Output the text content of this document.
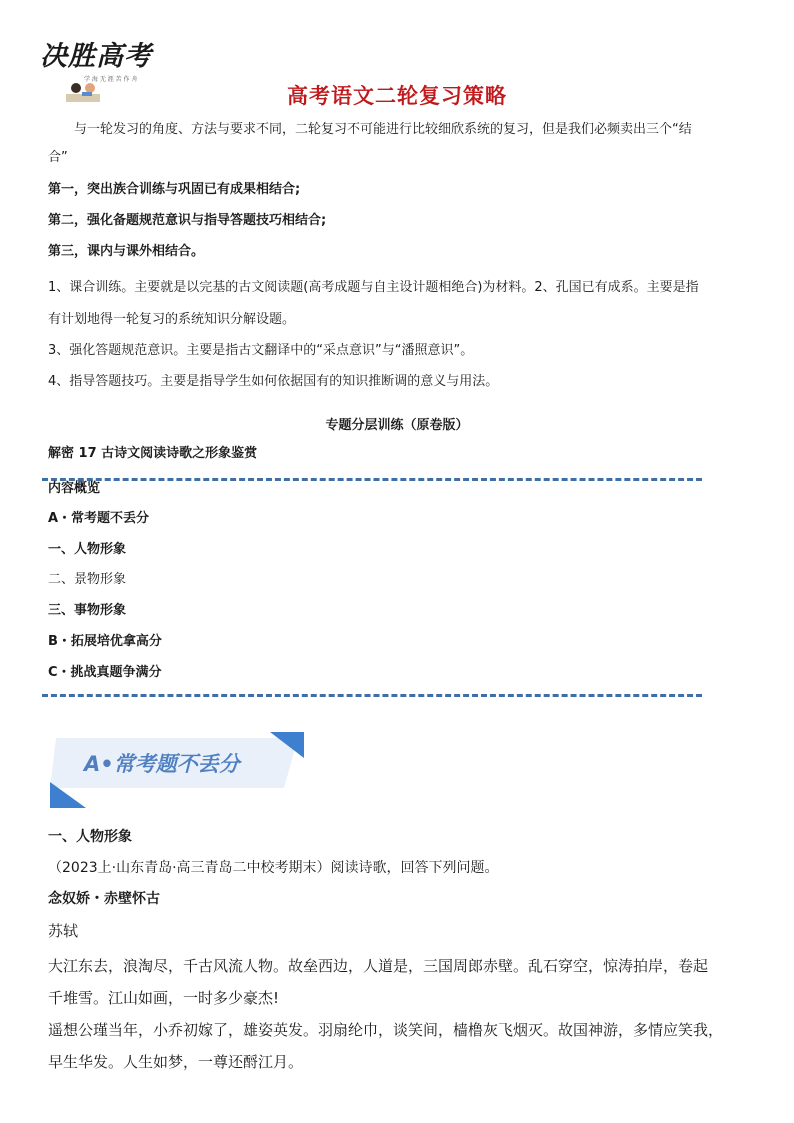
决胜高考
学 海 无 涯 苦 作 舟
高考语文二轮复习策略
与一轮发习的角度、方法与要求不同，二轮复习不可能进行比较细欣系统的复习，但是我们必频卖出三个“结
合”
第一，突出族合训练与巩固已有成果相结合;
第二，强化备题规范意识与指导答题技巧相结合;
第三，课内与课外相结合。
1、课合训练。主要就是以完基的古文阅读题(高考成题与自主设计题相绝合)为材料。2、孔国已有成系。主要是指
有计划地得一轮复习的系统知识分解设题。
3、强化答题规范意识。主要是指古文翻译中的“采点意识”与“潘照意识”。
4、指导答题技巧。主要是指导学生如何依据国有的知识推断调的意义与用法。
专题分层训练（原卷版）
解密 17 古诗文阅读诗歌之形象鉴赏
内容概览
A・常考题不丢分
一、人物形象
二、景物形象
三、事物形象
B・拓展培优拿高分
C・挑战真题争满分
A•常考题不丢分
一、人物形象
（2023上·山东青岛·高三青岛二中校考期末）阅读诗歌，回答下列问题。
念奴娇・赤壁怀古
苏轼
大江东去，浪淘尽，千古风流人物。故垒西边，人道是，三国周郎赤壁。乱石穿空，惊涛拍岸，卷起
千堆雪。江山如画，一时多少豪杰!
遥想公瑾当年，小乔初嫁了，雄姿英发。羽扇纶巾，谈笑间，樯橹灰飞烟灭。故国神游，多情应笑我，
早生华发。人生如梦，一尊还酹江月。
